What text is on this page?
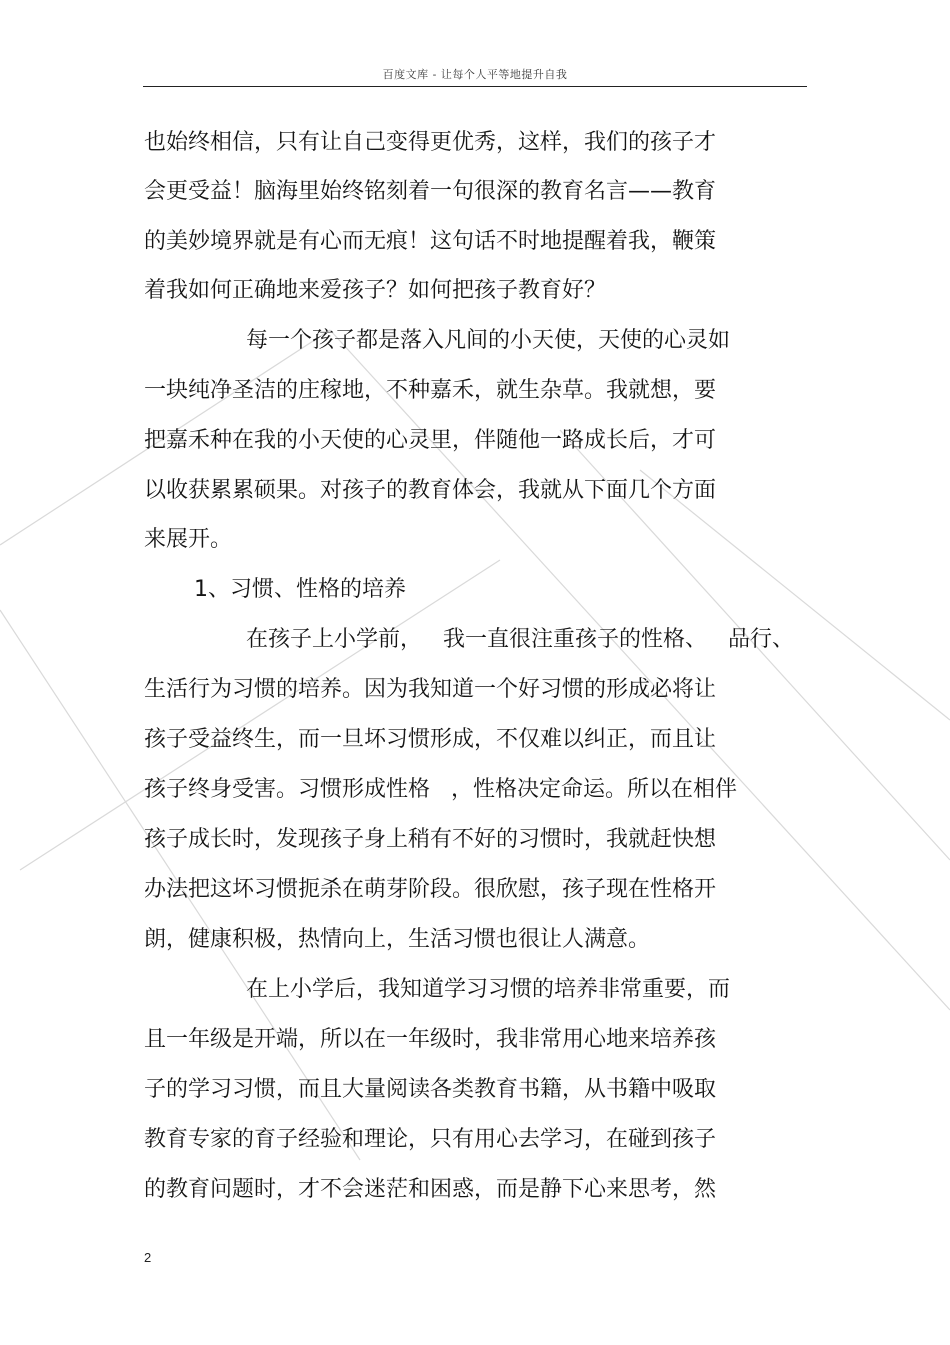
百度文库 - 让每个人平等地提升自我
也始终相信，只有让自己变得更优秀，这样，我们的孩子才
会更受益！脑海里始终铭刻着一句很深的教育名言——教育
的美妙境界就是有心而无痕！这句话不时地提醒着我，鞭策
着我如何正确地来爱孩子？如何把孩子教育好？
每一个孩子都是落入凡间的小天使，天使的心灵如
一块纯净圣洁的庄稼地，不种嘉禾，就生杂草。我就想，要
把嘉禾种在我的小天使的心灵里，伴随他一路成长后，才可
以收获累累硕果。对孩子的教育体会，我就从下面几个方面
来展开。
1、习惯、性格的培养
在孩子上小学前，   我一直很注重孩子的性格、   品行、
生活行为习惯的培养。因为我知道一个好习惯的形成必将让
孩子受益终生，而一旦坏习惯形成，不仅难以纠正，而且让
孩子终身受害。习惯形成性格   ，性格决定命运。所以在相伴
孩子成长时，发现孩子身上稍有不好的习惯时，我就赶快想
办法把这坏习惯扼杀在萌芽阶段。很欣慰，孩子现在性格开
朗，健康积极，热情向上，生活习惯也很让人满意。
在上小学后，我知道学习习惯的培养非常重要，而
且一年级是开端，所以在一年级时，我非常用心地来培养孩
子的学习习惯，而且大量阅读各类教育书籍，从书籍中吸取
教育专家的育子经验和理论，只有用心去学习，在碰到孩子
的教育问题时，才不会迷茫和困惑，而是静下心来思考，然
2
